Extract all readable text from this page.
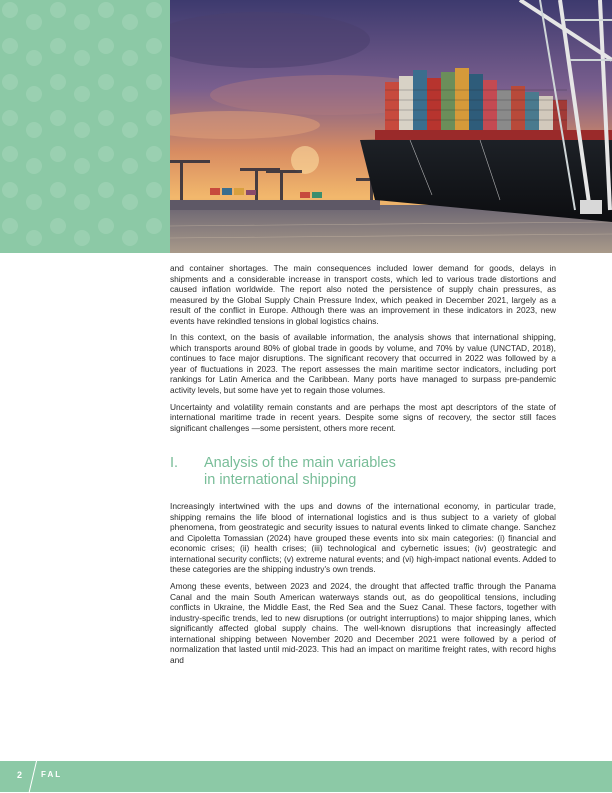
and container shortages. The main consequences included lower demand for goods, delays in shipments and a considerable increase in transport costs, which led to various trade distortions and caused inflation worldwide. The report also noted the persistence of supply chain pressures, as measured by the Global Supply Chain Pressure Index, which peaked in December 2021, largely as a result of the conflict in Europe. Although there was an improvement in these indicators in 2023, new events have rekindled tensions in global logistics chains.

In this context, on the basis of available information, the analysis shows that international shipping, which transports around 80% of global trade in goods by volume, and 70% by value (UNCTAD, 2018), continues to face major disruptions. The significant recovery that occurred in 2022 was followed by a year of fluctuations in 2023. The report assesses the main maritime sector indicators, including port rankings for Latin America and the Caribbean. Many ports have managed to surpass pre-pandemic activity levels, but some have yet to regain those volumes.

Uncertainty and volatility remain constants and are perhaps the most apt descriptors of the state of international maritime trade in recent years. Despite some signs of recovery, the sector still faces significant challenges —some persistent, others more recent.

I.	Analysis of the main variables
in international shipping

Increasingly intertwined with the ups and downs of the international economy, in particular trade, shipping remains the life blood of international logistics and is thus subject to a variety of global phenomena, from geostrategic and security issues to natural events linked to climate change. Sanchez and Cipoletta Tomassian (2024) have grouped these events into six main categories: (i) financial and economic crises; (ii) health crises; (iii) technological and cybernetic issues; (iv) geostrategic and international security conflicts; (v) extreme natural events; and (vi) high-impact national events. Added to these categories are the shipping industry's own trends.

Among these events, between 2023 and 2024, the drought that affected traffic through the Panama Canal and the main South American waterways stands out, as do geopolitical tensions, including conflicts in Ukraine, the Middle East, the Red Sea and the Suez Canal. These factors, together with industry-specific trends, led to new disruptions (or outright interruptions) to major shipping lanes, which significantly affected global supply chains. The well-known disruptions that increasingly affected international shipping between November 2020 and December 2021 were followed by a period of normalization that lasted until mid-2023. This had an impact on maritime freight rates, with record highs and

2 FAL
